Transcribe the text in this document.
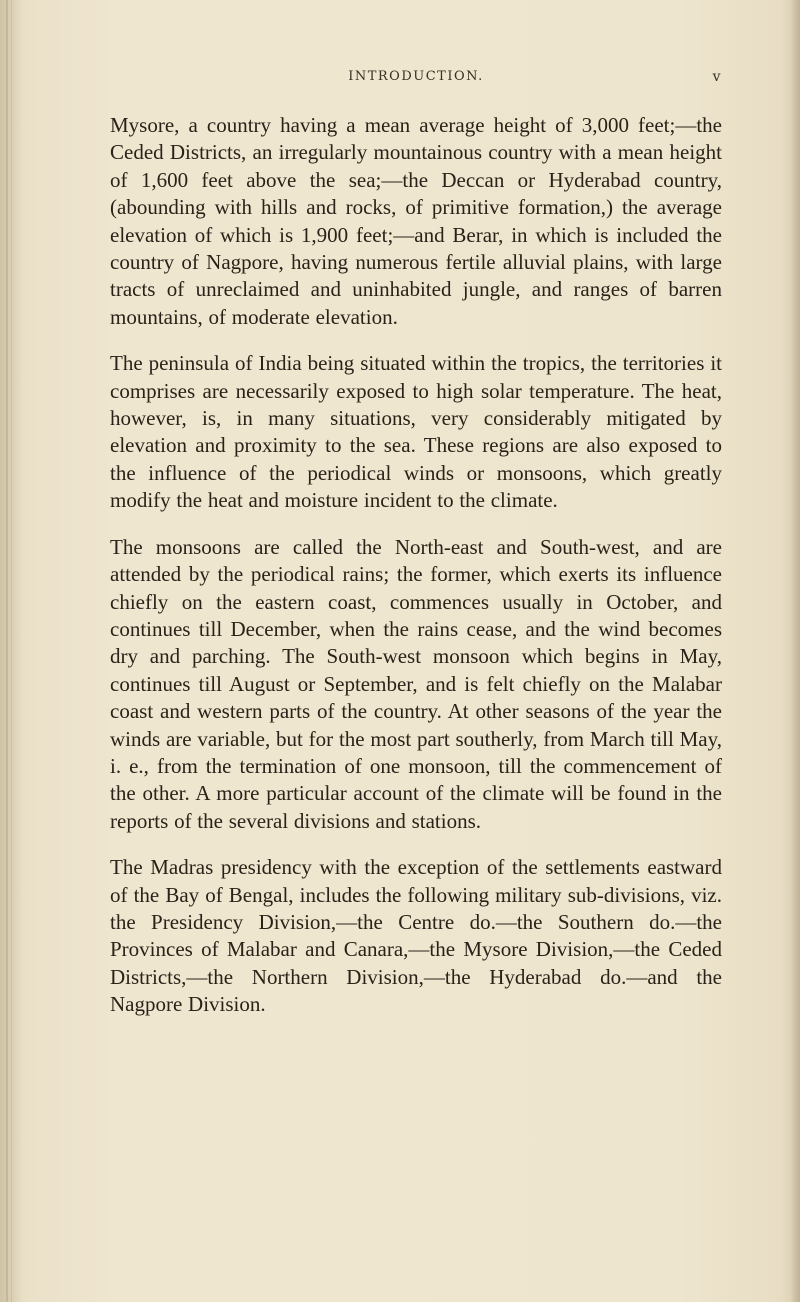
INTRODUCTION.	v

Mysore, a country having a mean average height of 3,000 feet;—the Ceded Districts, an irregularly mountainous country with a mean height of 1,600 feet above the sea;—the Deccan or Hyderabad country, (abounding with hills and rocks, of primitive formation,) the average elevation of which is 1,900 feet;—and Berar, in which is included the country of Nagpore, having numerous fertile alluvial plains, with large tracts of unreclaimed and uninhabited jungle, and ranges of barren mountains, of moderate elevation.

The peninsula of India being situated within the tropics, the territories it comprises are necessarily exposed to high solar temperature. The heat, however, is, in many situations, very considerably mitigated by elevation and proximity to the sea. These regions are also exposed to the influence of the periodical winds or monsoons, which greatly modify the heat and moisture incident to the climate.

The monsoons are called the North-east and South-west, and are attended by the periodical rains; the former, which exerts its influence chiefly on the eastern coast, commences usually in October, and continues till December, when the rains cease, and the wind becomes dry and parching. The South-west monsoon which begins in May, continues till August or September, and is felt chiefly on the Malabar coast and western parts of the country. At other seasons of the year the winds are variable, but for the most part southerly, from March till May, i. e., from the termination of one monsoon, till the commencement of the other. A more particular account of the climate will be found in the reports of the several divisions and stations.

The Madras presidency with the exception of the settlements eastward of the Bay of Bengal, includes the following military sub-divisions, viz. the Presidency Division,—the Centre do.—the Southern do.—the Provinces of Malabar and Canara,—the Mysore Division,—the Ceded Districts,—the Northern Division,—the Hyderabad do.—and the Nagpore Division.
